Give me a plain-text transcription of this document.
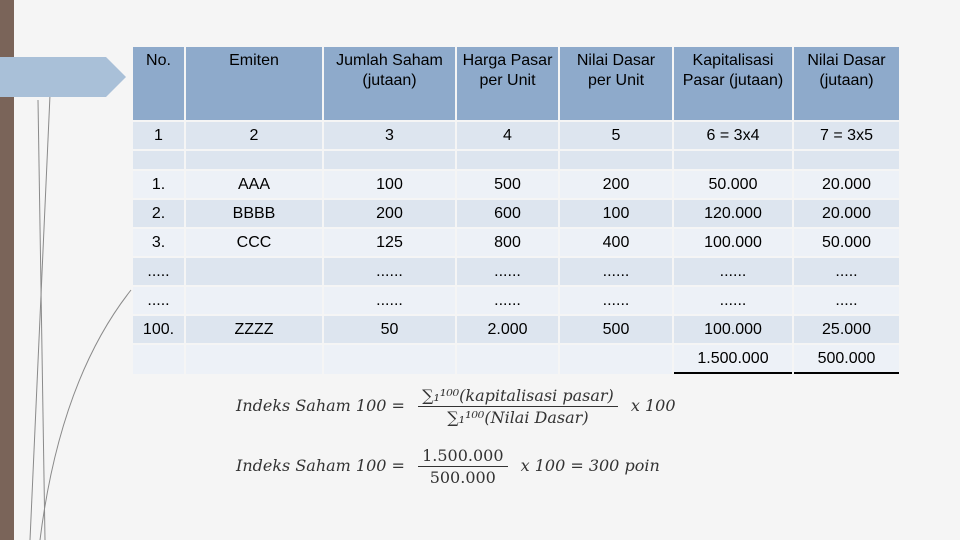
No.	Emiten	Jumlah Saham (jutaan)	Harga Pasar per Unit	Nilai Dasar per Unit	Kapitalisasi Pasar (jutaan)	Nilai Dasar (jutaan)
1	2	3	4	5	6 = 3x4	7 = 3x5

1.	AAA	100	500	200	50.000	20.000
2.	BBBB	200	600	100	120.000	20.000
3.	CCC	125	800	400	100.000	50.000
.....		......	......	......	......	.....
.....		......	......	......	......	.....
100.	ZZZZ	50	2.000	500	100.000	25.000
					1.500.000	500.000
Indeks Saham $100 = \frac{\text{∑₁¹⁰⁰(kapitalisasi pasar)}}{\text{∑₁¹⁰⁰(Nilai Dasar)}}$ x 100
Indeks Saham $100 = \frac{1.500.000}{500.000}$ x 100 = 300 poin
